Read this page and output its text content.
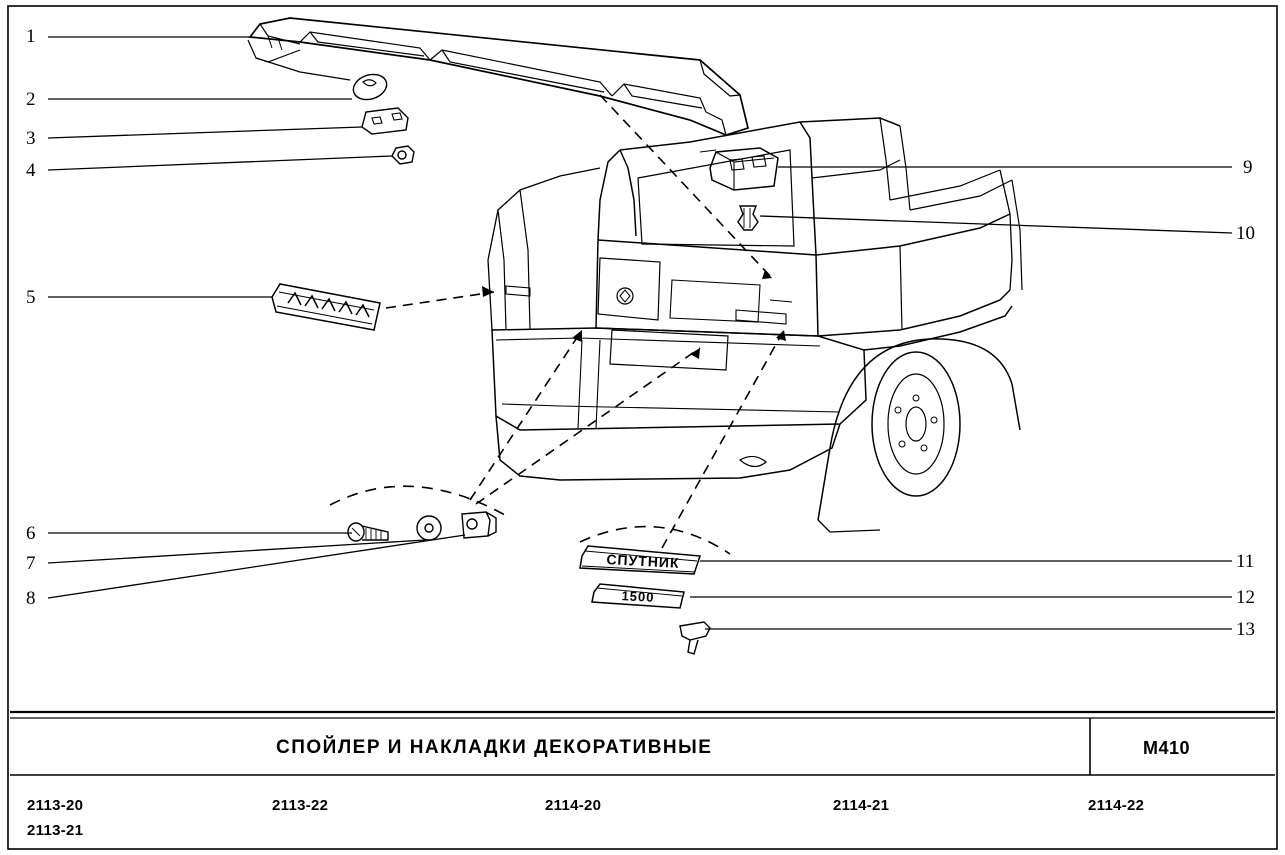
1
2
3
4
5
6
7
8
9
10
11
12
13
СПОЙЛЕР И НАКЛАДКИ ДЕКОРАТИВНЫЕ	М410
2113-20
2113-21
2113-22	2114-20	2114-21	2114-22
СПУТНИК
1500
